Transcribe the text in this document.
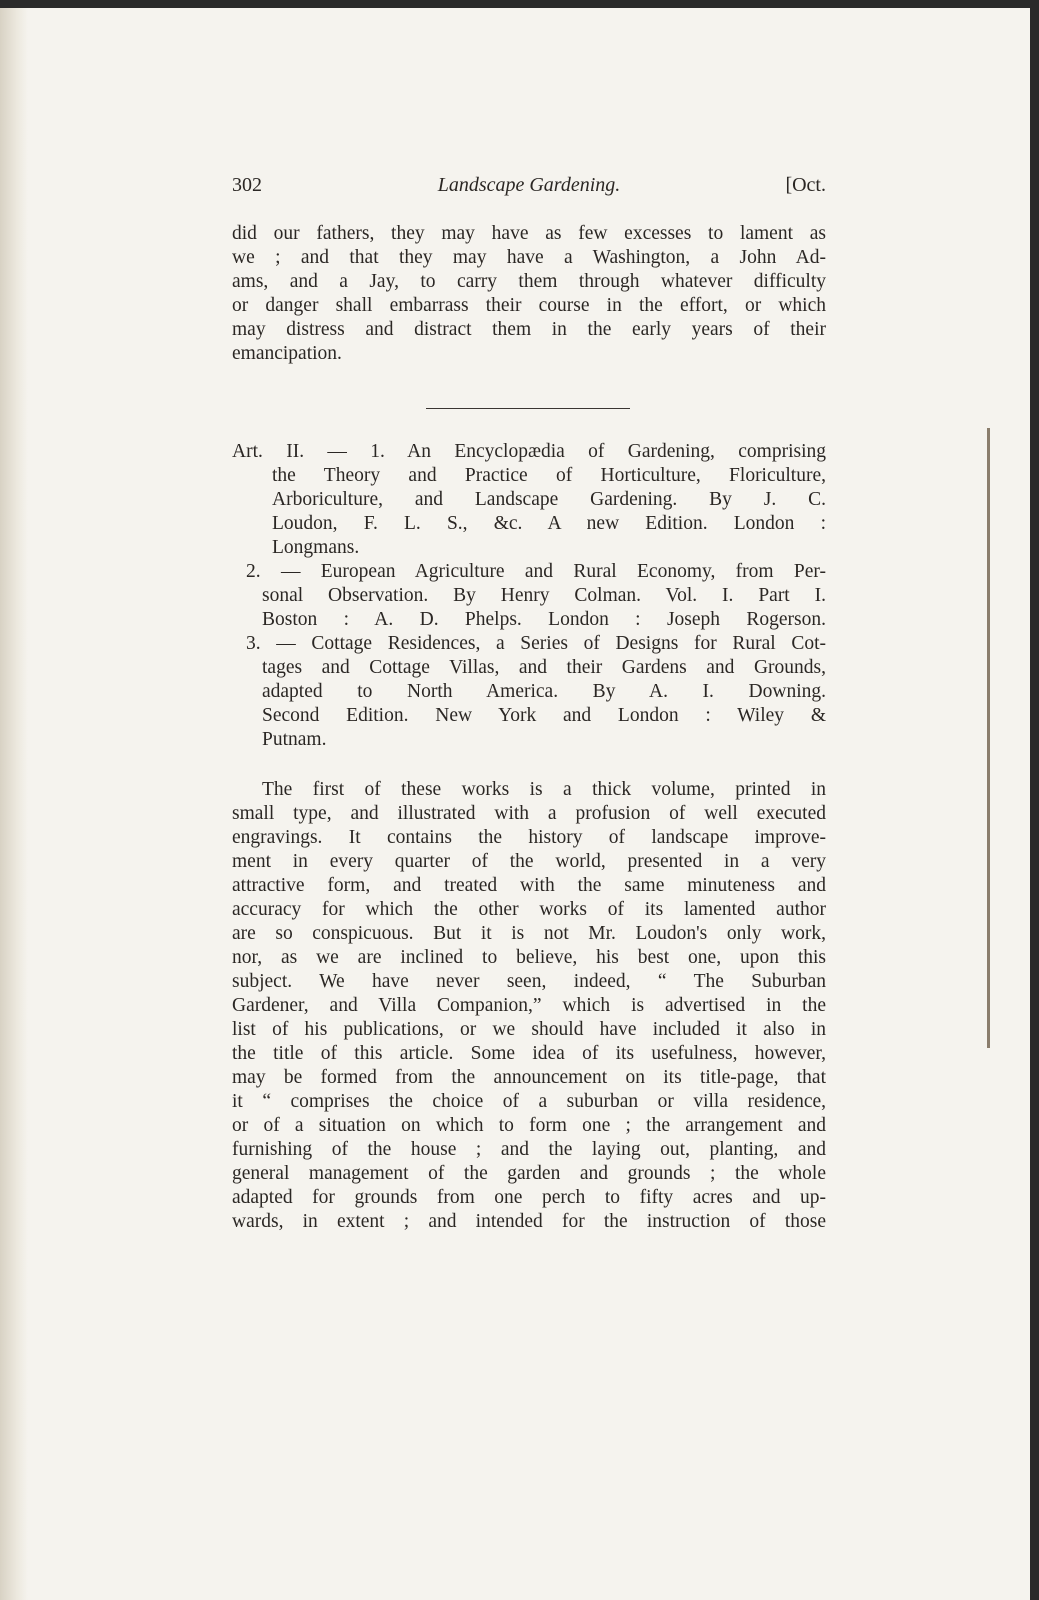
302	Landscape Gardening.	[Oct.
did our fathers, they may have as few excesses to lament as
we ; and that they may have a Washington, a John Ad-
ams, and a Jay, to carry them through whatever difficulty
or danger shall embarrass their course in the effort, or which
may distress and distract them in the early years of their
emancipation.
Art. II. — 1. An Encyclopædia of Gardening, comprising
the Theory and Practice of Horticulture, Floriculture,
Arboriculture, and Landscape Gardening. By J. C.
Loudon, F. L. S., &c. A new Edition. London :
Longmans.
2. — European Agriculture and Rural Economy, from Per-
sonal Observation. By Henry Colman. Vol. I. Part I.
Boston : A. D. Phelps. London : Joseph Rogerson.
3. — Cottage Residences, a Series of Designs for Rural Cot-
tages and Cottage Villas, and their Gardens and Grounds,
adapted to North America. By A. I. Downing.
Second Edition. New York and London : Wiley &
Putnam.
The first of these works is a thick volume, printed in
small type, and illustrated with a profusion of well executed
engravings. It contains the history of landscape improve-
ment in every quarter of the world, presented in a very
attractive form, and treated with the same minuteness and
accuracy for which the other works of its lamented author
are so conspicuous. But it is not Mr. Loudon's only work,
nor, as we are inclined to believe, his best one, upon this
subject. We have never seen, indeed, “ The Suburban
Gardener, and Villa Companion,” which is advertised in the
list of his publications, or we should have included it also in
the title of this article. Some idea of its usefulness, however,
may be formed from the announcement on its title-page, that
it “ comprises the choice of a suburban or villa residence,
or of a situation on which to form one ; the arrangement and
furnishing of the house ; and the laying out, planting, and
general management of the garden and grounds ; the whole
adapted for grounds from one perch to fifty acres and up-
wards, in extent ; and intended for the instruction of those
